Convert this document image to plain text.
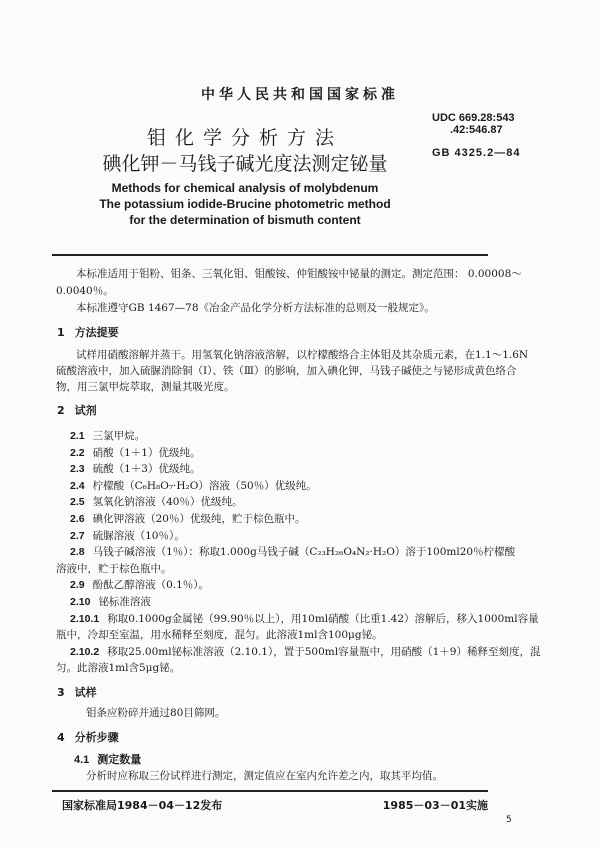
中华人民共和国国家标准
UDC 669.28:543
.42:546.87
GB 4325.2—84
钼化学分析方法
碘化钾－马钱子碱光度法测定铋量
Methods for chemical analysis of molybdenum
The potassium iodide-Brucine photometric method
for the determination of bismuth content
本标准适用于钼粉、钼条、三氧化钼、钼酸铵、仲钼酸铵中铋量的测定。测定范围： 0.00008～
0.0040％。
本标准遵守GB 1467—78《冶金产品化学分析方法标准的总则及一般规定》。
1 方法提要
试样用硝酸溶解并蒸干。用氢氧化钠溶液溶解，以柠檬酸络合主体钼及其杂质元素，在1.1～1.6N
硫酸溶液中，加入硫脲消除铜（Ⅰ）、铁（Ⅲ）的影响，加入碘化钾，马钱子碱使之与铋形成黄色络合
物，用三氯甲烷萃取，测量其吸光度。
2 试剂
2.1 三氯甲烷。
2.2 硝酸（1＋1）优级纯。
2.3 硫酸（1＋3）优级纯。
2.4 柠檬酸（C₆H₈O₇·H₂O）溶液（50％）优级纯。
2.5 氢氧化钠溶液（40％）优级纯。
2.6 碘化钾溶液（20％）优级纯，贮于棕色瓶中。
2.7 硫脲溶液（10％）。
2.8 马钱子碱溶液（1％）：称取1.000g马钱子碱（C₂₃H₂₆O₄N₂·H₂O）溶于100ml20％柠檬酸
溶液中，贮于棕色瓶中。
2.9 酚酞乙醇溶液（0.1％）。
2.10 铋标准溶液
2.10.1 称取0.1000g金属铋（99.90％以上），用10ml硝酸（比重1.42）溶解后，移入1000ml容量
瓶中，冷却至室温，用水稀释至刻度，混匀。此溶液1ml含100μg铋。
2.10.2 移取25.00ml铋标准溶液（2.10.1），置于500ml容量瓶中，用硝酸（1＋9）稀释至刻度，混
匀。此溶液1ml含5μg铋。
3 试样
钼条应粉碎并通过80目筛网。
4 分析步骤
4.1 测定数量
分析时应称取三份试样进行测定，测定值应在室内允许差之内，取其平均值。
国家标准局1984－04－12发布	1985－03－01实施
5
